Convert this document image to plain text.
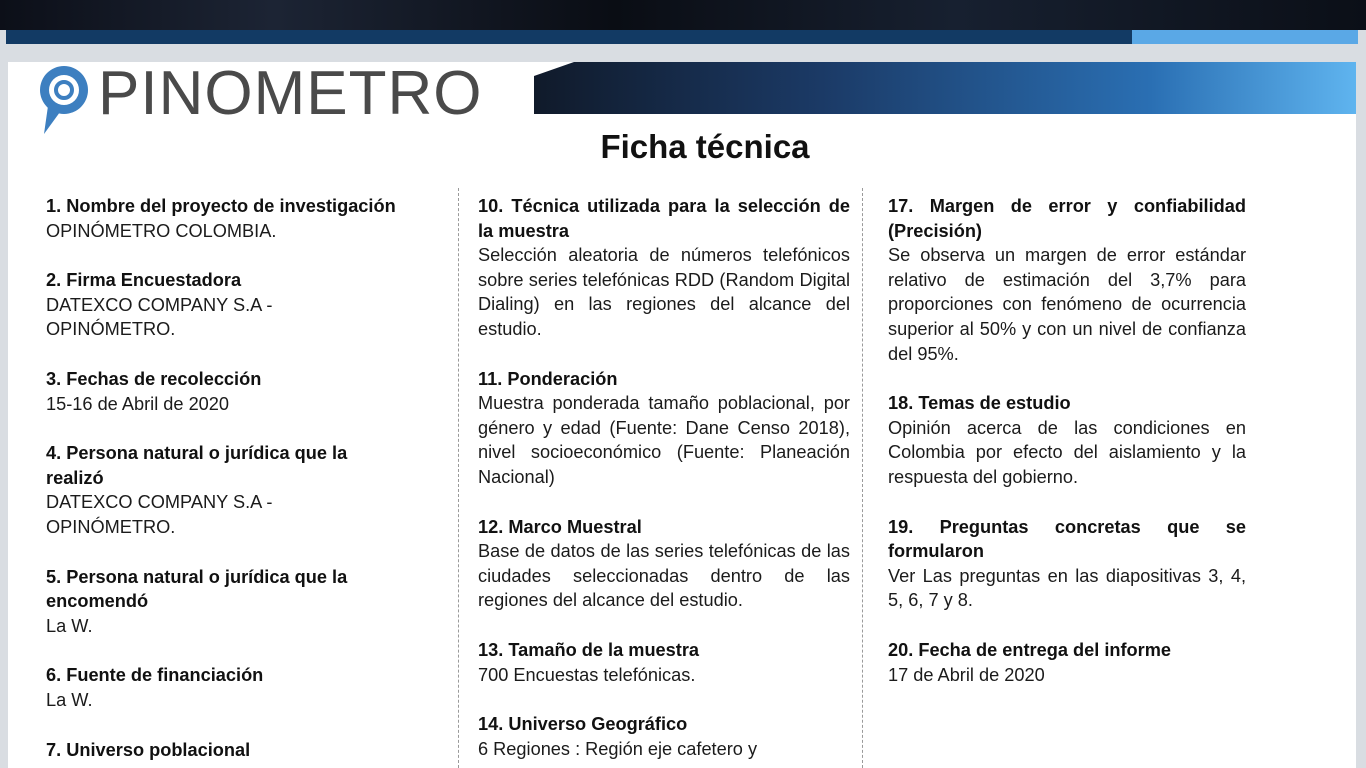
PINOMETRO
Ficha técnica
1. Nombre del proyecto de investigación
OPINÓMETRO COLOMBIA.
2. Firma Encuestadora
DATEXCO COMPANY S.A - OPINÓMETRO.
3. Fechas de recolección
15-16 de Abril de 2020
4. Persona natural o jurídica que la realizó
DATEXCO COMPANY S.A - OPINÓMETRO.
5. Persona natural o jurídica que la encomendó
La W.
6. Fuente de financiación
La W.
7. Universo poblacional
10. Técnica utilizada para la selección de la muestra
Selección aleatoria de números telefónicos sobre series telefónicas RDD (Random Digital Dialing) en las regiones del alcance del estudio.
11. Ponderación
Muestra ponderada tamaño poblacional, por género y edad (Fuente: Dane Censo 2018), nivel socioeconómico (Fuente: Planeación Nacional)
12. Marco Muestral
Base de datos de las series telefónicas de las ciudades seleccionadas dentro de las regiones del alcance del estudio.
13. Tamaño de la muestra
700 Encuestas telefónicas.
14. Universo Geográfico
6 Regiones : Región eje cafetero y
17. Margen de error y confiabilidad (Precisión)
Se observa un margen de error estándar relativo de estimación del 3,7% para proporciones con fenómeno de ocurrencia superior al 50% y con un nivel de confianza del 95%.
18. Temas de estudio
Opinión acerca de las condiciones en Colombia por efecto del aislamiento y la respuesta del gobierno.
19. Preguntas concretas que se formularon
Ver Las preguntas en las diapositivas 3, 4, 5, 6, 7 y 8.
20. Fecha de entrega del informe
17 de Abril de 2020
